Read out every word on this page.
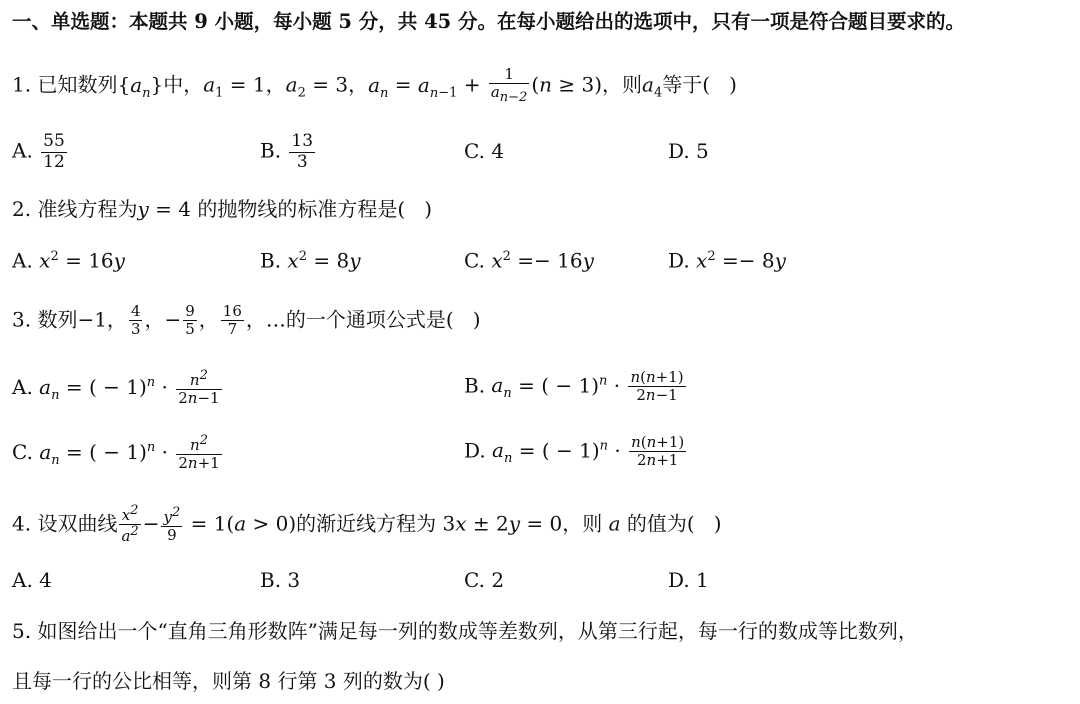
一、单选题：本题共 9 小题，每小题 5 分，共 45 分。在每小题给出的选项中，只有一项是符合题目要求的。
1. 已知数列$\{a_n\}$中，$a_1 = 1$，$a_2 = 3$，$a_n = a_{n-1} + \frac{1}{a_{n-2}} (n \ge 3)$，则$a_4$等于(   )
A. $\frac{55}{12}$	B. $\frac{13}{3}$	C. 4	D. 5
2. 准线方程为y = 4 的抛物线的标准方程是(   )
A. $x^2 = 16y$	B. $x^2 = 8y$	C. $x^2 =- 16y$	D. $x^2 =- 8y$
3. 数列−1， $\frac{4}{3}$ ，− $\frac{9}{5}$ ， $\frac{16}{7}$ ，…的一个通项公式是(   )
A. $a_n$ = ( − $1)^n \cdot \frac{n^2}{2n-1}$	B. $a_n$ = ( − $1)^n \cdot \frac{n(n+1)}{2n-1}$
C. $a_n$ = ( − $1)^n \cdot \frac{n^2}{2n+1}$	D. $a_n$ = ( − $1)^n \cdot \frac{n(n+1)}{2n+1}$
4. 设双曲线 $\frac{x^2}{a^2} - \frac{y^2}{9} = 1(a > 0)$的渐近线方程为 3x ± 2y = 0，则 a 的值为(   )
A. 4	B. 3	C. 2	D. 1
5. 如图给出一个“直角三角形数阵”满足每一列的数成等差数列，从第三行起，每一行的数成等比数列，
且每一行的公比相等，则第 8 行第 3 列的数为( )
